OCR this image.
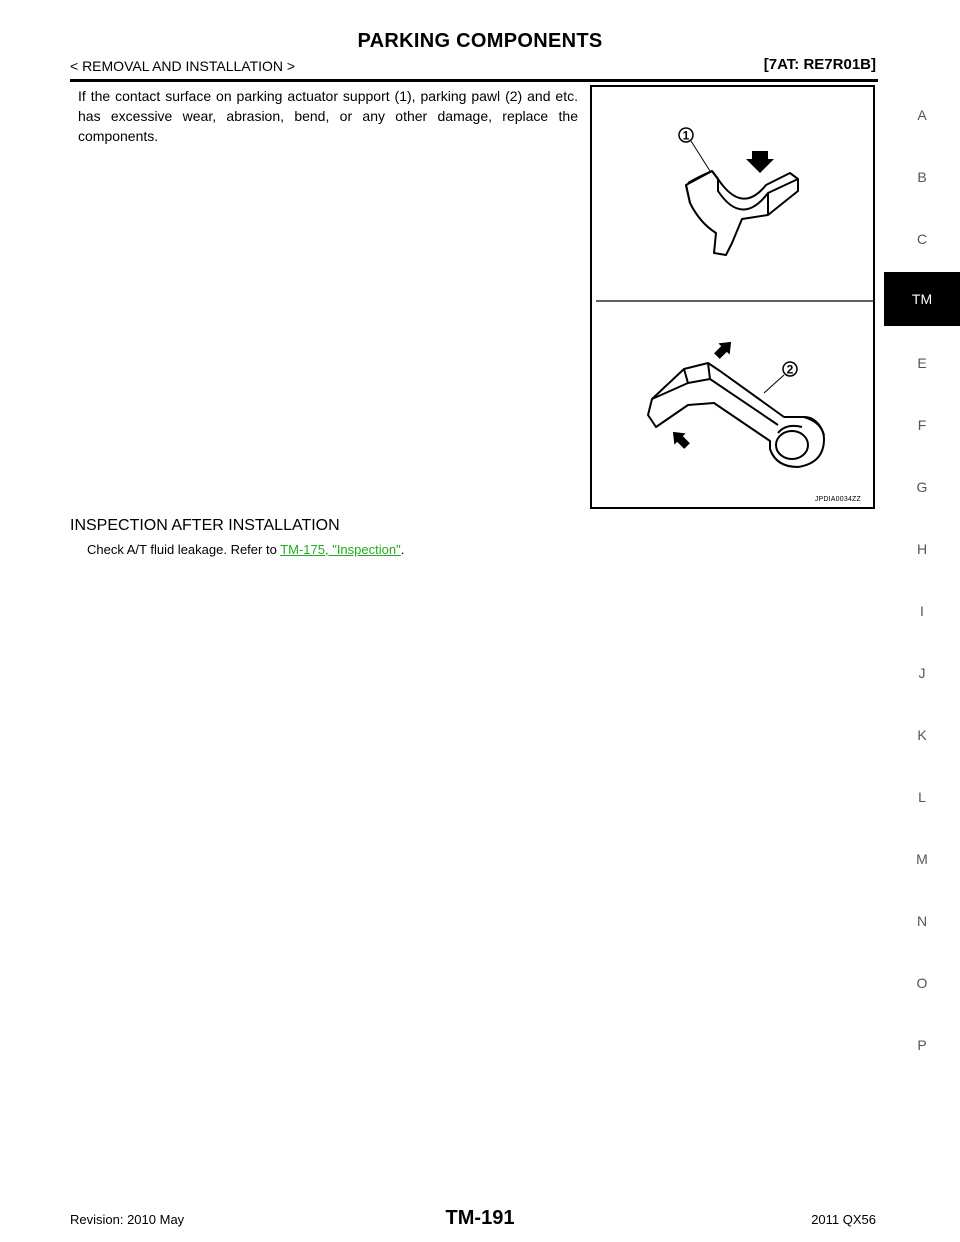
PARKING COMPONENTS
< REMOVAL AND INSTALLATION >	[7AT: RE7R01B]
If the contact surface on parking actuator support (1), parking pawl (2) and etc. has excessive wear, abrasion, bend, or any other damage, replace the components.	1
2
JPDIA0034ZZ
INSPECTION AFTER INSTALLATION
Check A/T fluid leakage. Refer to TM-175, "Inspection".
A
B
C
TM
E
F
G
H
I
J
K
L
M
N
O
P
Revision: 2010 May	TM-191	2011 QX56
